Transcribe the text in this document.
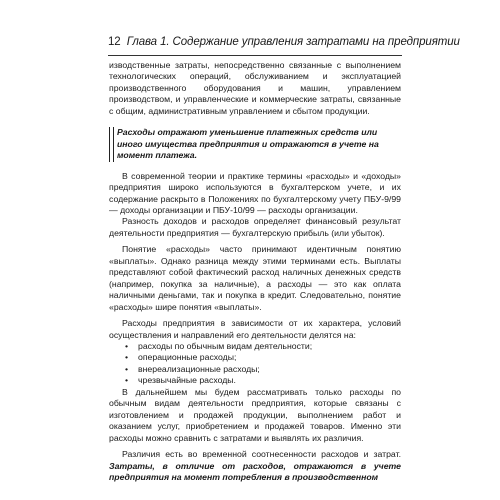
12 Глава 1. Содержание управления затратами на предприятии

изводственные затраты, непосредственно связанные с выполнением технологических операций, обслуживанием и эксплуатацией производственного оборудования и машин, управлением производством, и управленческие и коммерческие затраты, связанные с общим, административным управлением и сбытом продукции.

Расходы отражают уменьшение платежных средств или иного имущества предприятия и отражаются в учете на момент платежа.

В современной теории и практике термины «расходы» и «доходы» предприятия широко используются в бухгалтерском учете, и их содержание раскрыто в Положениях по бухгалтерскому учету ПБУ-9/99 — доходы организации и ПБУ-10/99 — расходы организации.

Разность доходов и расходов определяет финансовый результат деятельности предприятия — бухгалтерскую прибыль (или убыток).

Понятие «расходы» часто принимают идентичным понятию «выплаты». Однако разница между этими терминами есть. Выплаты представляют собой фактический расход наличных денежных средств (например, покупка за наличные), а расходы — это как оплата наличными деньгами, так и покупка в кредит. Следовательно, понятие «расходы» шире понятия «выплаты».

Расходы предприятия в зависимости от их характера, условий осуществления и направлений его деятельности делятся на:

• расходы по обычным видам деятельности;
• операционные расходы;
• внереализационные расходы;
• чрезвычайные расходы.

В дальнейшем мы будем рассматривать только расходы по обычным видам деятельности предприятия, которые связаны с изготовлением и продажей продукции, выполнением работ и оказанием услуг, приобретением и продажей товаров. Именно эти расходы можно сравнить с затратами и выявлять их различия.

Различия есть во временной соотнесенности расходов и затрат. Затраты, в отличие от расходов, отражаются в учете предприятия на момент потребления в производственном
